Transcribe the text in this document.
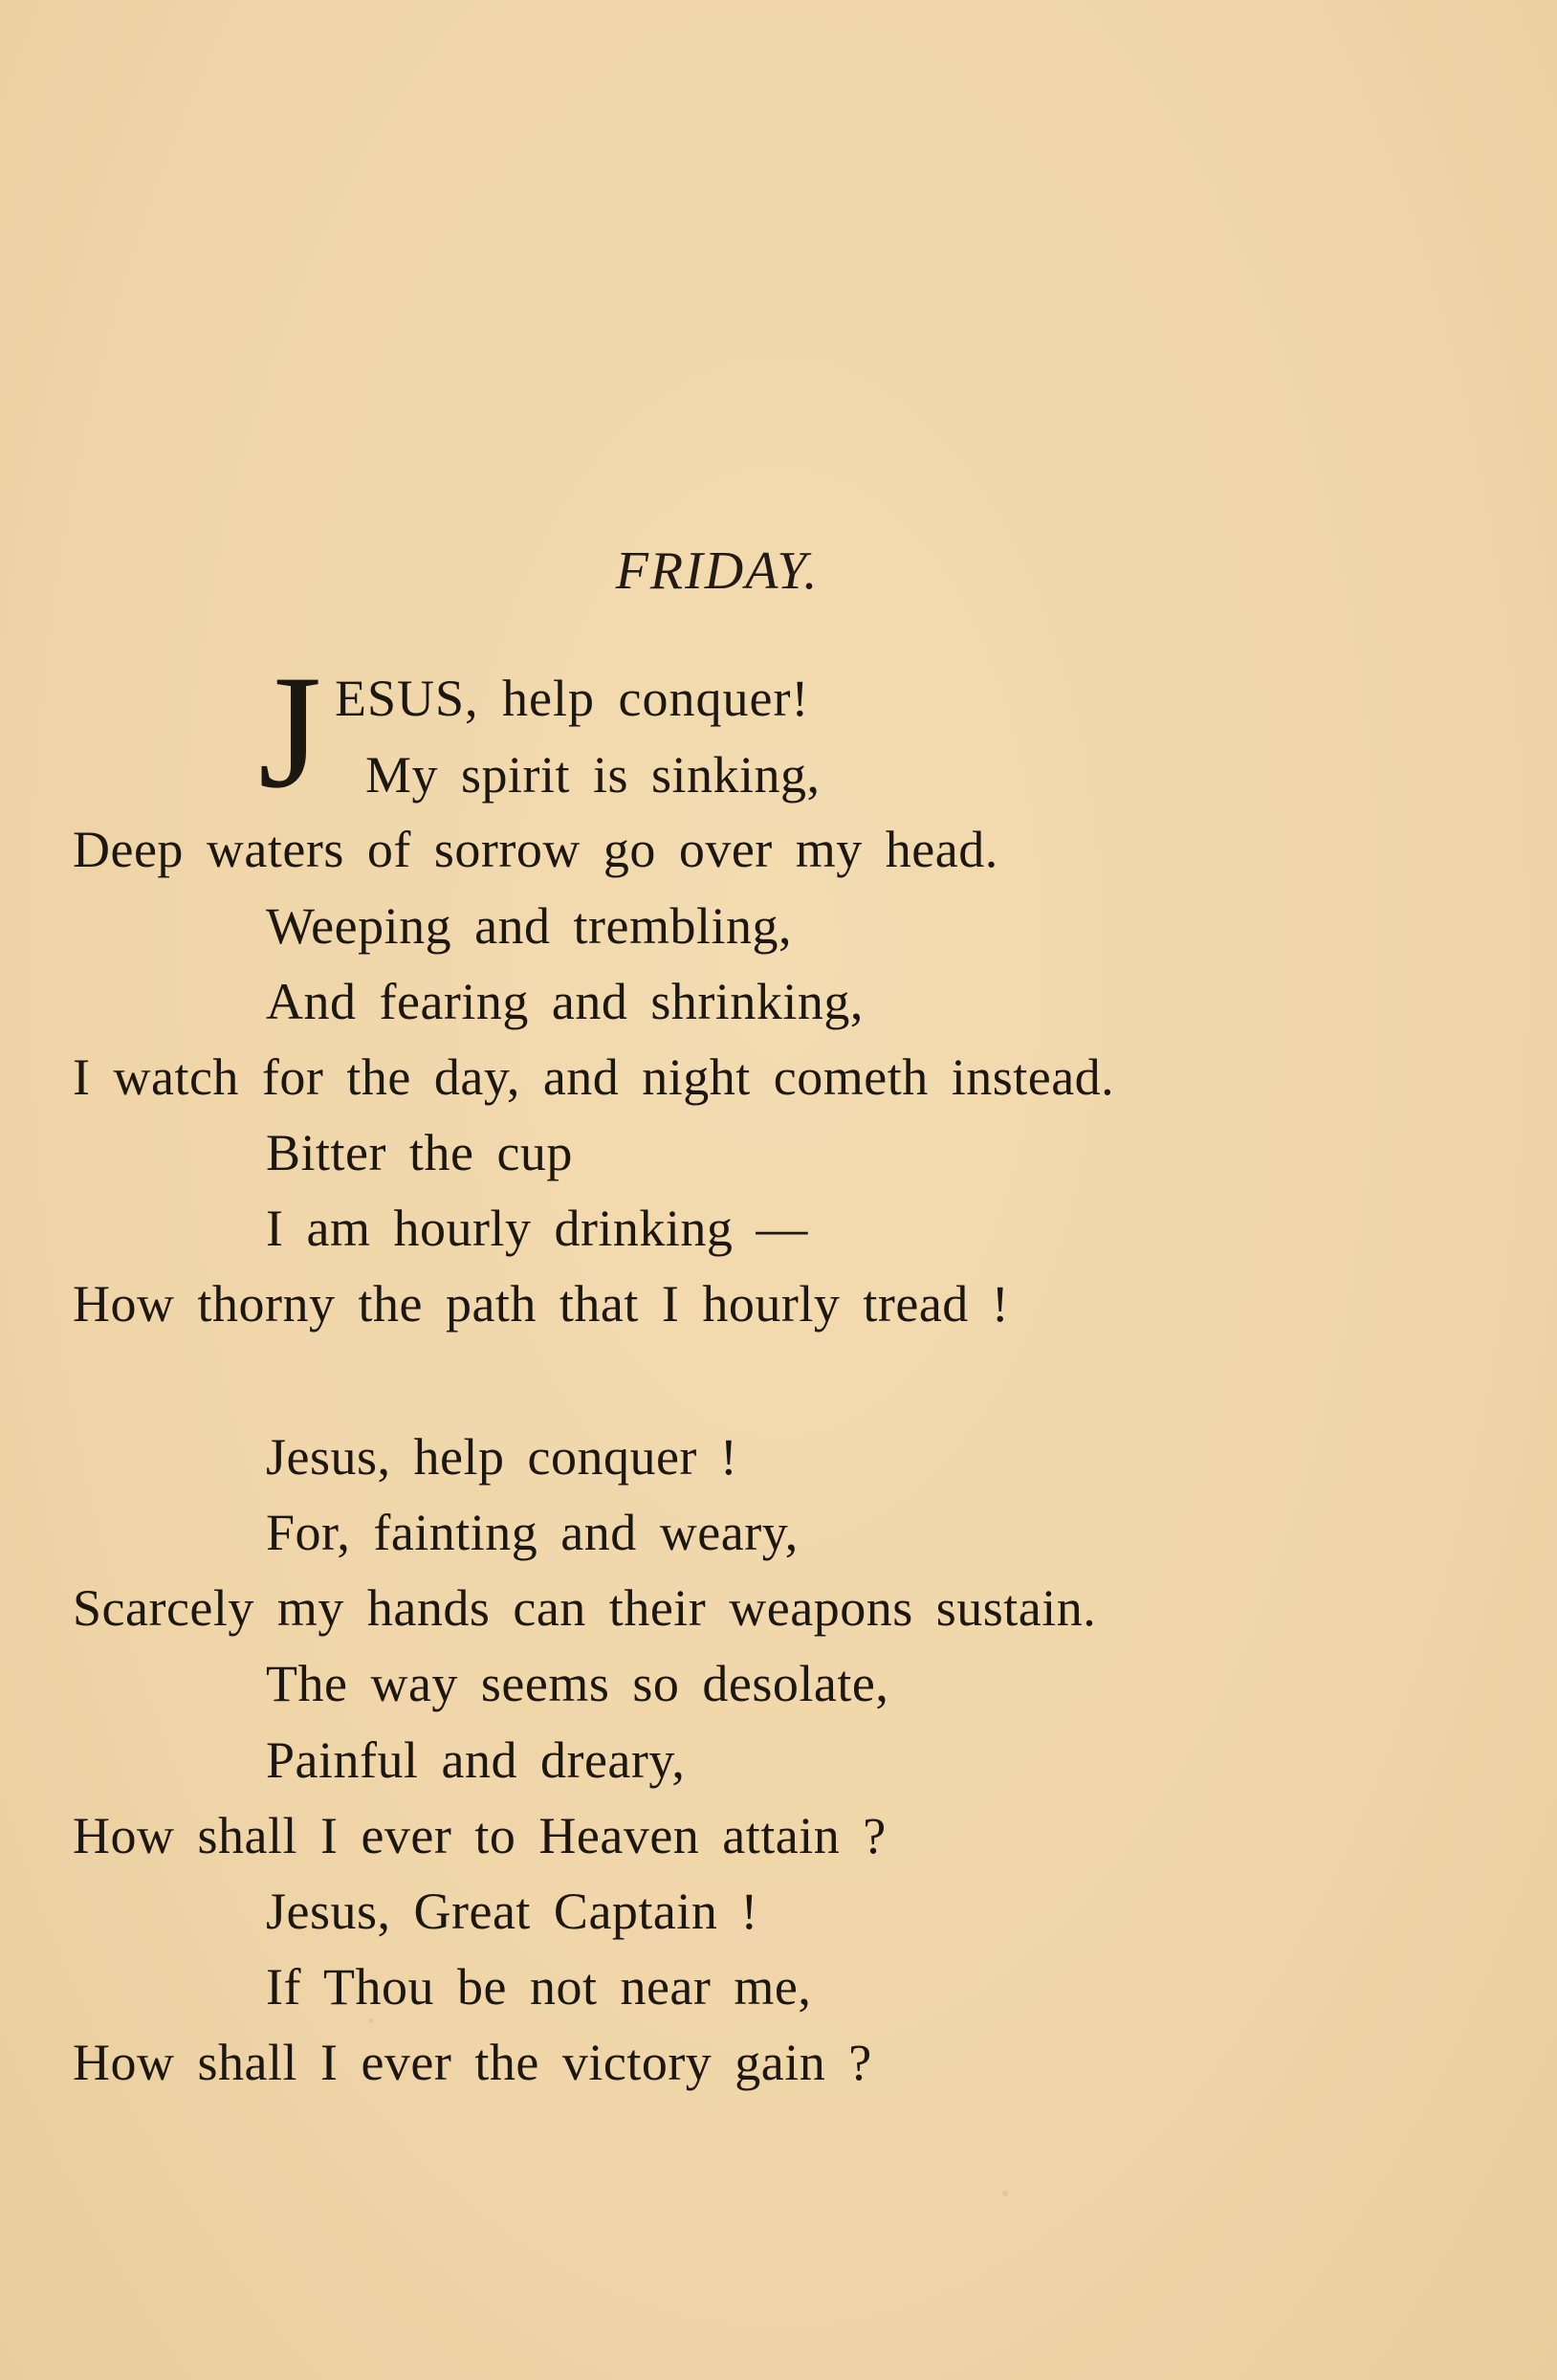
FRIDAY.
J ESUS, help conquer!
My spirit is sinking,
Deep waters of sorrow go over my head.
Weeping and trembling,
And fearing and shrinking,
I watch for the day, and night cometh instead.
Bitter the cup
I am hourly drinking —
How thorny the path that I hourly tread !
Jesus, help conquer !
For, fainting and weary,
Scarcely my hands can their weapons sustain.
The way seems so desolate,
Painful and dreary,
How shall I ever to Heaven attain ?
Jesus, Great Captain !
If Thou be not near me,
How shall I ever the victory gain ?
